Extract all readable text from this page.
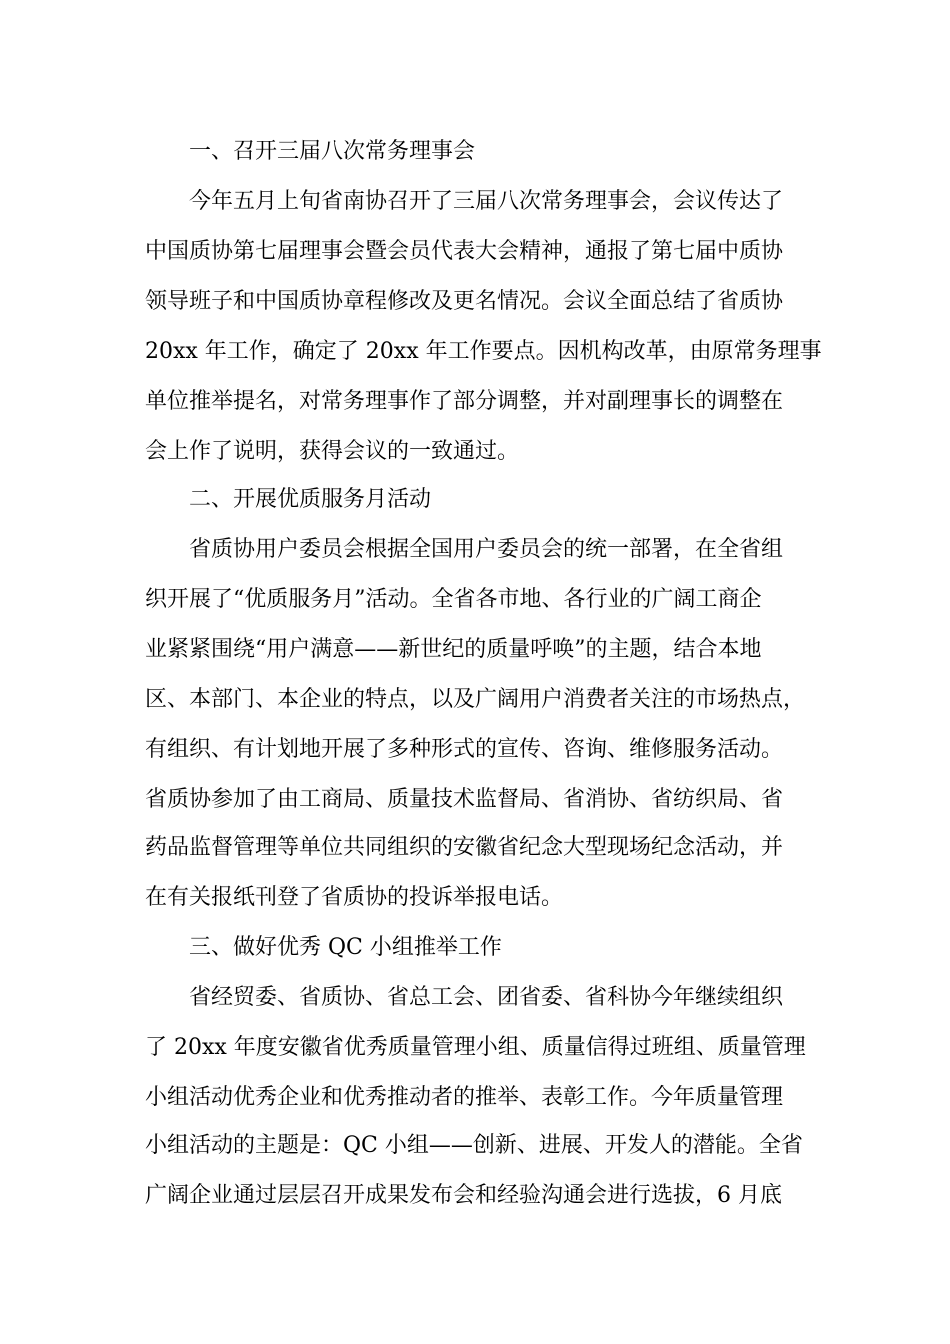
一、召开三届八次常务理事会
今年五月上旬省南协召开了三届八次常务理事会，会议传达了
中国质协第七届理事会暨会员代表大会精神，通报了第七届中质协
领导班子和中国质协章程修改及更名情况。会议全面总结了省质协
20xx 年工作，确定了 20xx 年工作要点。因机构改革，由原常务理事
单位推举提名，对常务理事作了部分调整，并对副理事长的调整在
会上作了说明，获得会议的一致通过。
二、开展优质服务月活动
省质协用户委员会根据全国用户委员会的统一部署，在全省组
织开展了“优质服务月”活动。全省各市地、各行业的广阔工商企
业紧紧围绕“用户满意——新世纪的质量呼唤”的主题，结合本地
区、本部门、本企业的特点，以及广阔用户消费者关注的市场热点，
有组织、有计划地开展了多种形式的宣传、咨询、维修服务活动。
省质协参加了由工商局、质量技术监督局、省消协、省纺织局、省
药品监督管理等单位共同组织的安徽省纪念大型现场纪念活动，并
在有关报纸刊登了省质协的投诉举报电话。
三、做好优秀 QC 小组推举工作
省经贸委、省质协、省总工会、团省委、省科协今年继续组织
了 20xx 年度安徽省优秀质量管理小组、质量信得过班组、质量管理
小组活动优秀企业和优秀推动者的推举、表彰工作。今年质量管理
小组活动的主题是：QC 小组——创新、进展、开发人的潜能。全省
广阔企业通过层层召开成果发布会和经验沟通会进行选拔，6 月底
